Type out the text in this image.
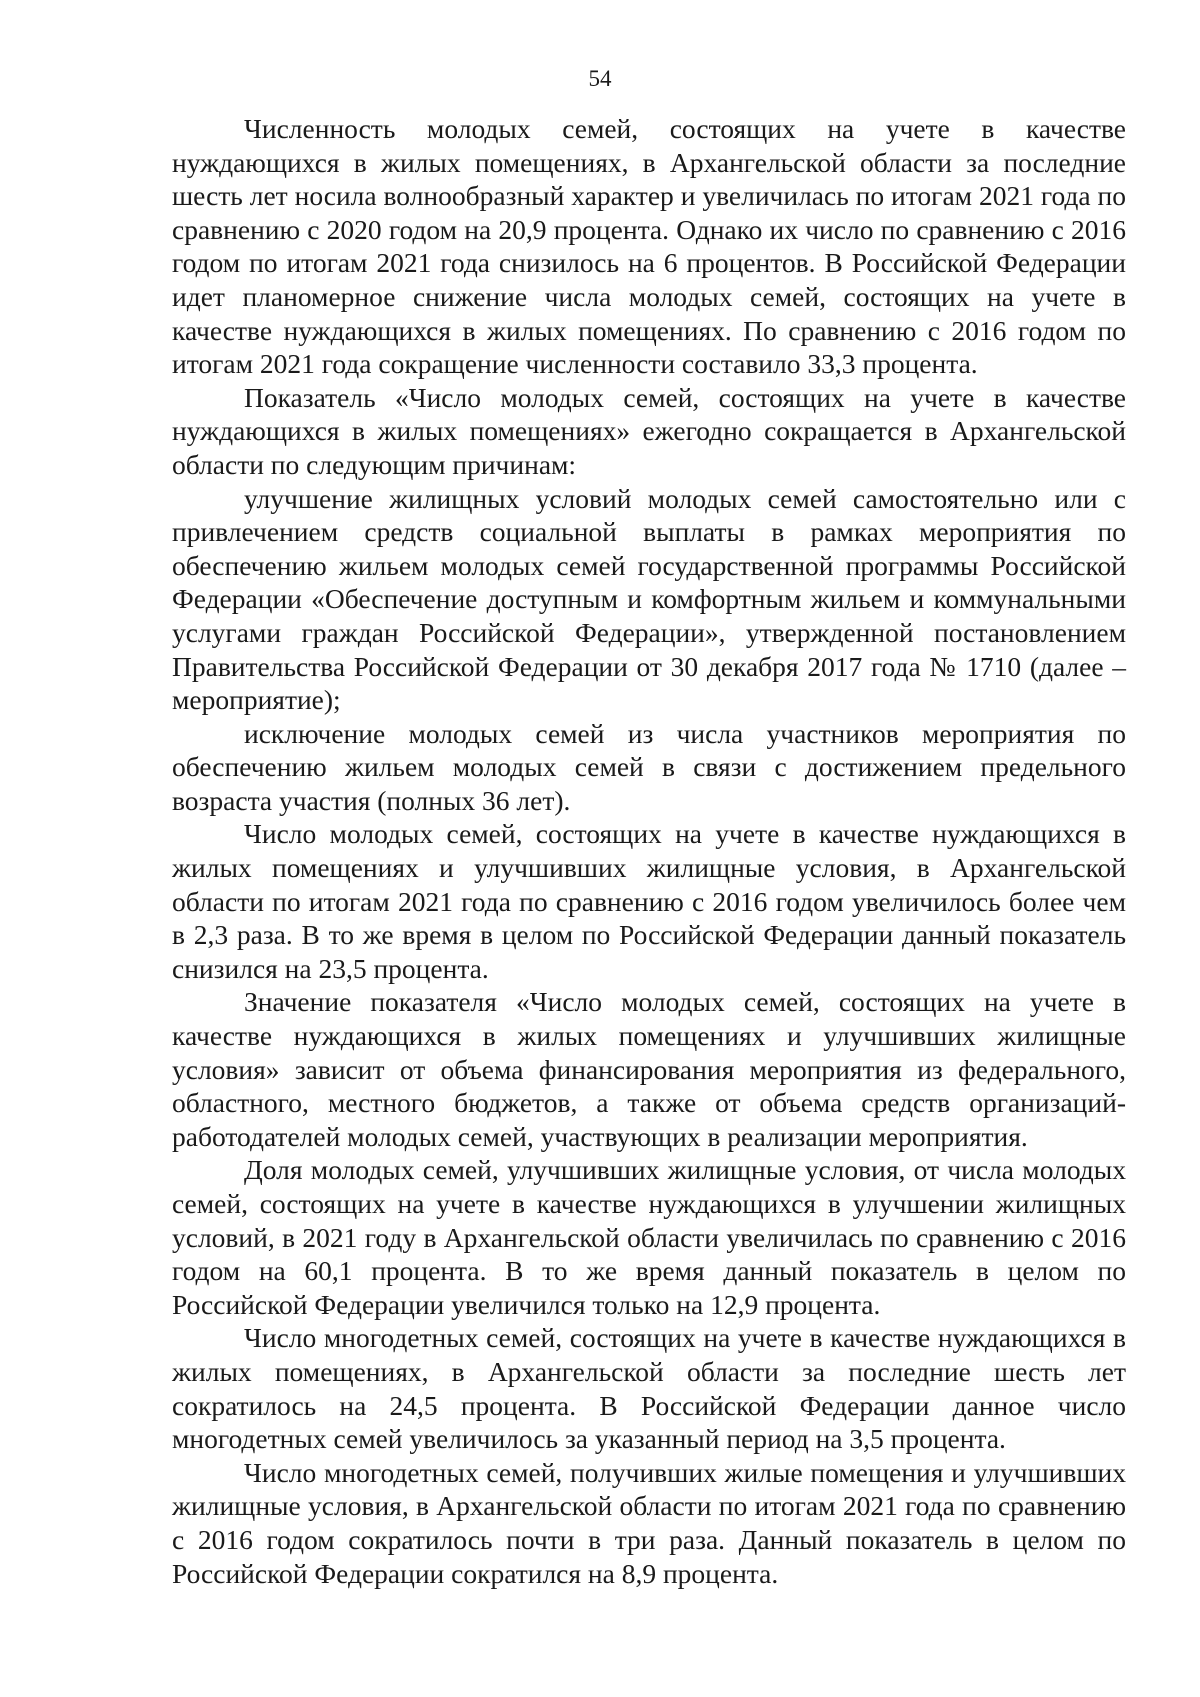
54

Численность молодых семей, состоящих на учете в качестве нуждающихся в жилых помещениях, в Архангельской области за последние шесть лет носила волнообразный характер и увеличилась по итогам 2021 года по сравнению с 2020 годом на 20,9 процента. Однако их число по сравнению с 2016 годом по итогам 2021 года снизилось на 6 процентов. В Российской Федерации идет планомерное снижение числа молодых семей, состоящих на учете в качестве нуждающихся в жилых помещениях. По сравнению с 2016 годом по итогам 2021 года сокращение численности составило 33,3 процента.

Показатель «Число молодых семей, состоящих на учете в качестве нуждающихся в жилых помещениях» ежегодно сокращается в Архангельской области по следующим причинам:

улучшение жилищных условий молодых семей самостоятельно или с привлечением средств социальной выплаты в рамках мероприятия по обеспечению жильем молодых семей государственной программы Российской Федерации «Обеспечение доступным и комфортным жильем и коммунальными услугами граждан Российской Федерации», утвержденной постановлением Правительства Российской Федерации от 30 декабря 2017 года № 1710 (далее – мероприятие);

исключение молодых семей из числа участников мероприятия по обеспечению жильем молодых семей в связи с достижением предельного возраста участия (полных 36 лет).

Число молодых семей, состоящих на учете в качестве нуждающихся в жилых помещениях и улучшивших жилищные условия, в Архангельской области по итогам 2021 года по сравнению с 2016 годом увеличилось более чем в 2,3 раза. В то же время в целом по Российской Федерации данный показатель снизился на 23,5 процента.

Значение показателя «Число молодых семей, состоящих на учете в качестве нуждающихся в жилых помещениях и улучшивших жилищные условия» зависит от объема финансирования мероприятия из федерального, областного, местного бюджетов, а также от объема средств организаций-работодателей молодых семей, участвующих в реализации мероприятия.

Доля молодых семей, улучшивших жилищные условия, от числа молодых семей, состоящих на учете в качестве нуждающихся в улучшении жилищных условий, в 2021 году в Архангельской области увеличилась по сравнению с 2016 годом на 60,1 процента. В то же время данный показатель в целом по Российской Федерации увеличился только на 12,9 процента.

Число многодетных семей, состоящих на учете в качестве нуждающихся в жилых помещениях, в Архангельской области за последние шесть лет сократилось на 24,5 процента. В Российской Федерации данное число многодетных семей увеличилось за указанный период на 3,5 процента.

Число многодетных семей, получивших жилые помещения и улучшивших жилищные условия, в Архангельской области по итогам 2021 года по сравнению с 2016 годом сократилось почти в три раза. Данный показатель в целом по Российской Федерации сократился на 8,9 процента.
